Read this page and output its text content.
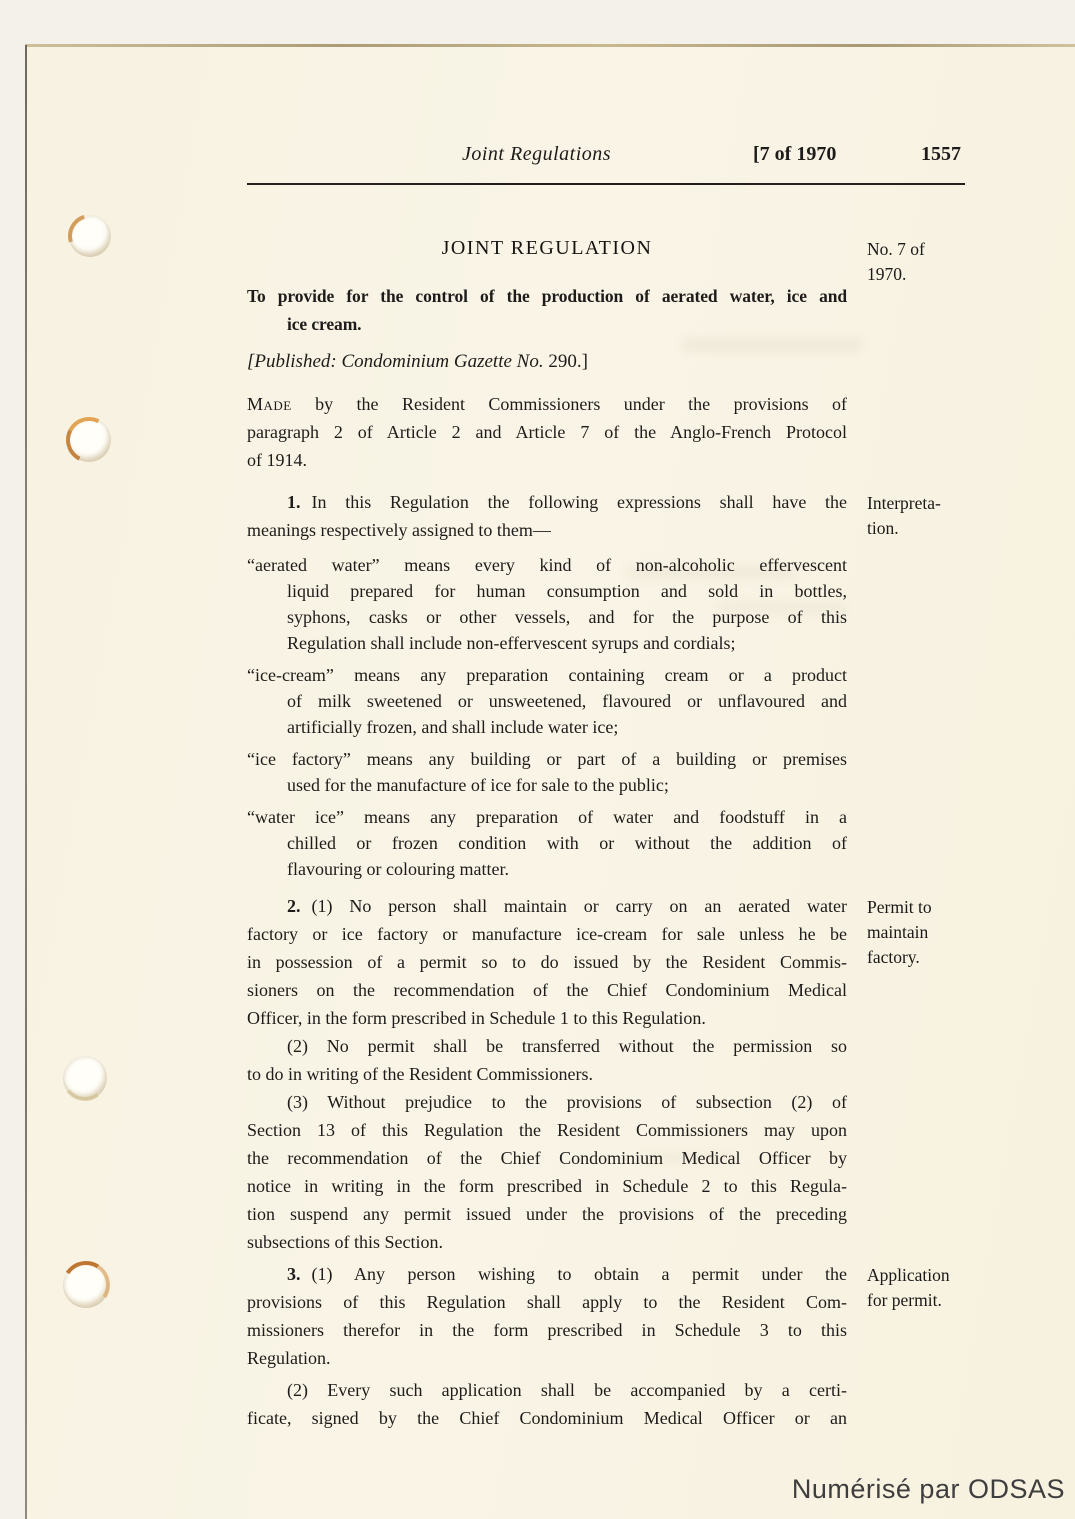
Joint Regulations	[7 of 1970	1557
JOINT REGULATION	No. 7 of
1970.
To provide for the control of the production of aerated water, ice and
ice cream.
[Published: Condominium Gazette No. 290.]
Made by the Resident Commissioners under the provisions of
paragraph 2 of Article 2 and Article 7 of the Anglo-French Protocol
of 1914.
1. In this Regulation the following expressions shall have the
meanings respectively assigned to them—
Interpreta-
tion.
“aerated water” means every kind of non-alcoholic effervescent
liquid prepared for human consumption and sold in bottles,
syphons, casks or other vessels, and for the purpose of this
Regulation shall include non-effervescent syrups and cordials;
“ice-cream” means any preparation containing cream or a product
of milk sweetened or unsweetened, flavoured or unflavoured and
artificially frozen, and shall include water ice;
“ice factory” means any building or part of a building or premises
used for the manufacture of ice for sale to the public;
“water ice” means any preparation of water and foodstuff in a
chilled or frozen condition with or without the addition of
flavouring or colouring matter.
2. (1) No person shall maintain or carry on an aerated water
factory or ice factory or manufacture ice-cream for sale unless he be
in possession of a permit so to do issued by the Resident Commis-
sioners on the recommendation of the Chief Condominium Medical
Officer, in the form prescribed in Schedule 1 to this Regulation.
Permit to
maintain
factory.
(2) No permit shall be transferred without the permission so
to do in writing of the Resident Commissioners.
(3) Without prejudice to the provisions of subsection (2) of
Section 13 of this Regulation the Resident Commissioners may upon
the recommendation of the Chief Condominium Medical Officer by
notice in writing in the form prescribed in Schedule 2 to this Regula-
tion suspend any permit issued under the provisions of the preceding
subsections of this Section.
3. (1) Any person wishing to obtain a permit under the
provisions of this Regulation shall apply to the Resident Com-
missioners therefor in the form prescribed in Schedule 3 to this
Regulation.
Application
for permit.
(2) Every such application shall be accompanied by a certi-
ficate, signed by the Chief Condominium Medical Officer or an
Numérisé par ODSAS
